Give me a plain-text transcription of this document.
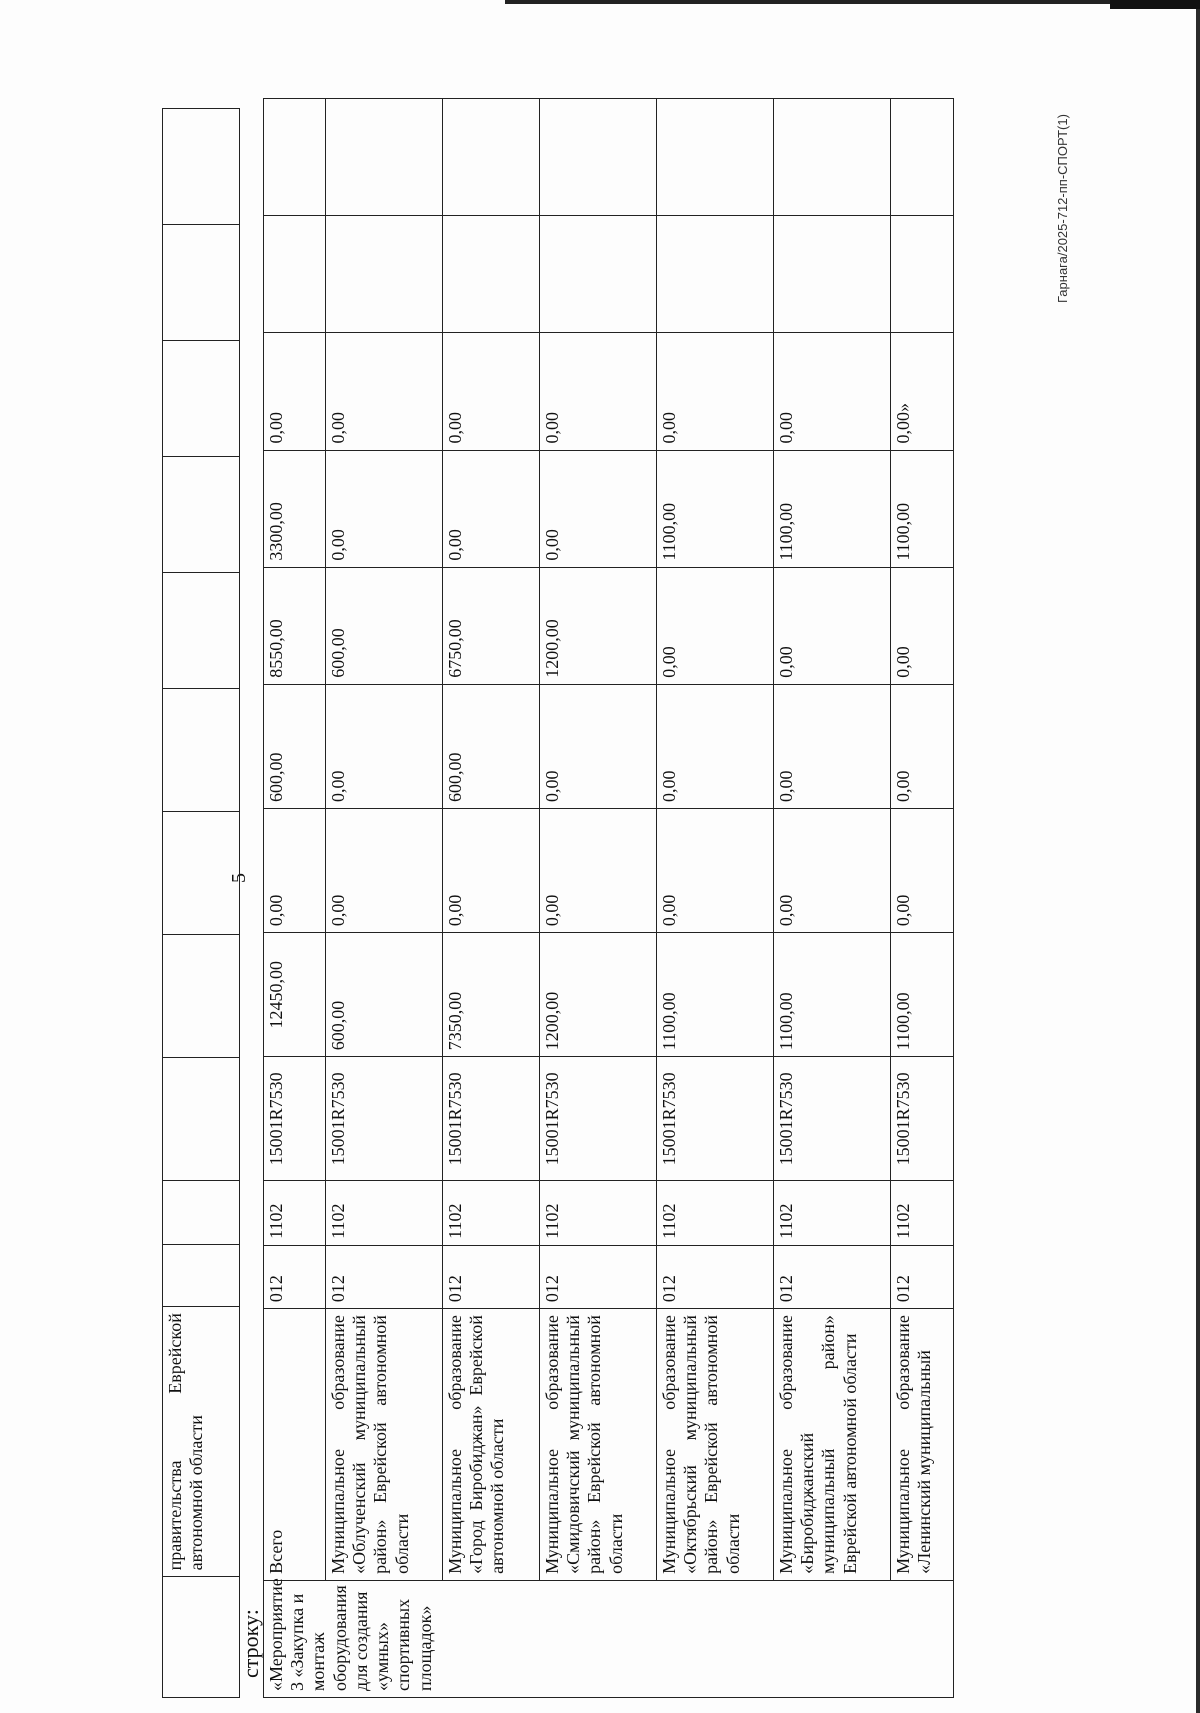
5
	правительства Еврейской автономной области											
строку: «Мероприятие 3 «Закупка и монтаж оборудования для создания «умных» спортивных площадок»	Всего	012	1102	15001R7530	12450,00	0,00	600,00	8550,00	3300,00	0,00		
	Муниципальное образование «Облученский муниципальный район» Еврейской автономной области	012	1102	15001R7530	600,00	0,00	0,00	600,00	0,00	0,00		
	Муниципальное образование «Город Биробиджан» Еврейской автономной области	012	1102	15001R7530	7350,00	0,00	600,00	6750,00	0,00	0,00		
	Муниципальное образование «Смидовичский муниципальный район» Еврейской автономной области	012	1102	15001R7530	1200,00	0,00	0,00	1200,00	0,00	0,00		
	Муниципальное образование «Октябрьский муниципальный район» Еврейской автономной области	012	1102	15001R7530	1100,00	0,00	0,00	0,00	1100,00	0,00		
	Муниципальное образование «Биробиджанский муниципальный район» Еврейской автономной области	012	1102	15001R7530	1100,00	0,00	0,00	0,00	1100,00	0,00		
	Муниципальное образование «Ленинский муниципальный	012	1102	15001R7530	1100,00	0,00	0,00	0,00	1100,00	0,00»		
Гарнага/2025-712-пп-СПОРТ(1)
